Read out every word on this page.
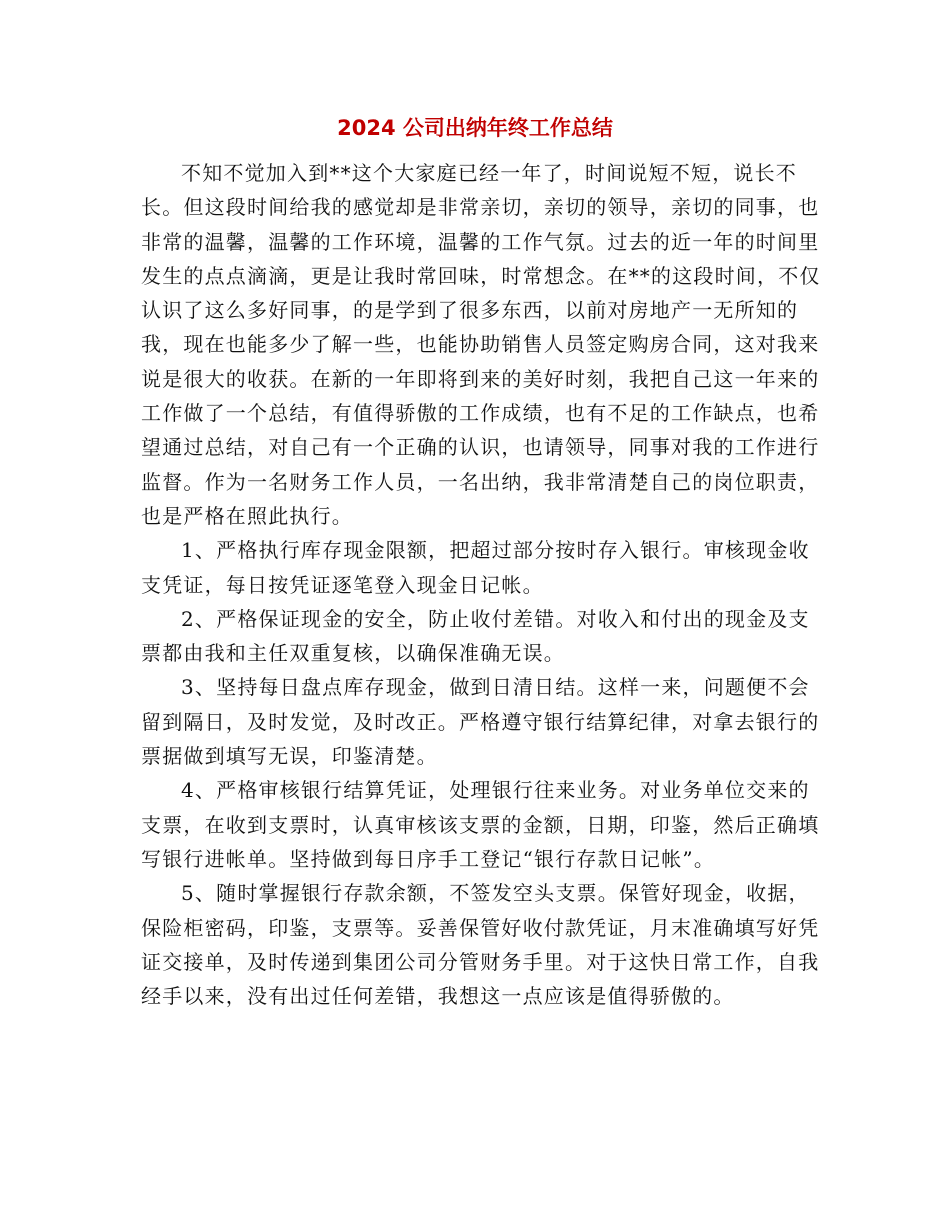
2024 公司出纳年终工作总结

不知不觉加入到**这个大家庭已经一年了，时间说短不短，说长不长。但这段时间给我的感觉却是非常亲切，亲切的领导，亲切的同事，也非常的温馨，温馨的工作环境，温馨的工作气氛。过去的近一年的时间里发生的点点滴滴，更是让我时常回味，时常想念。在**的这段时间，不仅认识了这么多好同事，的是学到了很多东西，以前对房地产一无所知的我，现在也能多少了解一些，也能协助销售人员签定购房合同，这对我来说是很大的收获。在新的一年即将到来的美好时刻，我把自己这一年来的工作做了一个总结，有值得骄傲的工作成绩，也有不足的工作缺点，也希望通过总结，对自己有一个正确的认识，也请领导，同事对我的工作进行监督。作为一名财务工作人员，一名出纳，我非常清楚自己的岗位职责，也是严格在照此执行。

1、严格执行库存现金限额，把超过部分按时存入银行。审核现金收支凭证，每日按凭证逐笔登入现金日记帐。

2、严格保证现金的安全，防止收付差错。对收入和付出的现金及支票都由我和主任双重复核，以确保准确无误。

3、坚持每日盘点库存现金，做到日清日结。这样一来，问题便不会留到隔日，及时发觉，及时改正。严格遵守银行结算纪律，对拿去银行的票据做到填写无误，印鉴清楚。

4、严格审核银行结算凭证，处理银行往来业务。对业务单位交来的支票，在收到支票时，认真审核该支票的金额，日期，印鉴，然后正确填写银行进帐单。坚持做到每日序手工登记“银行存款日记帐”。

5、随时掌握银行存款余额，不签发空头支票。保管好现金，收据，保险柜密码，印鉴，支票等。妥善保管好收付款凭证，月末准确填写好凭证交接单，及时传递到集团公司分管财务手里。对于这快日常工作，自我经手以来，没有出过任何差错，我想这一点应该是值得骄傲的。
